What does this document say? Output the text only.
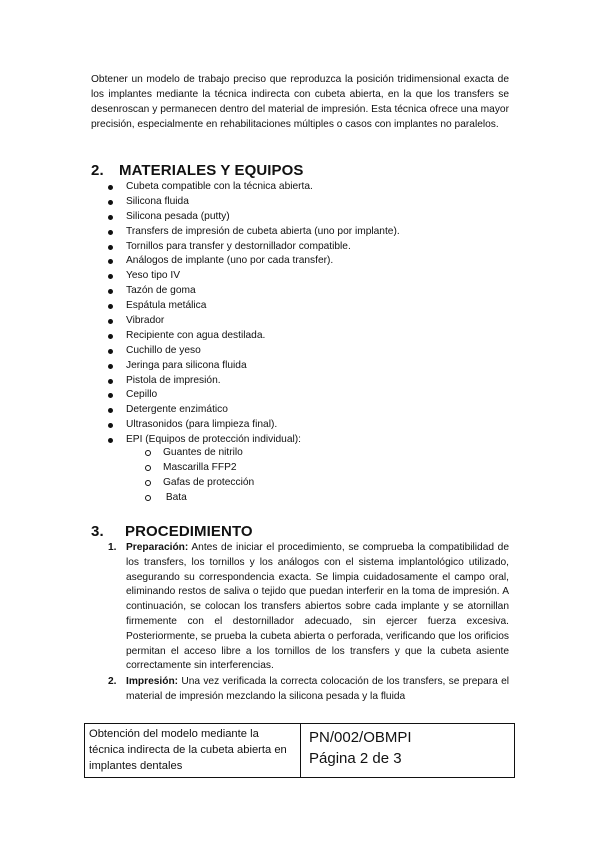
Obtener un modelo de trabajo preciso que reproduzca la posición tridimensional exacta de los implantes mediante la técnica indirecta con cubeta abierta, en la que los transfers se desenroscan y permanecen dentro del material de impresión. Esta técnica ofrece una mayor precisión, especialmente en rehabilitaciones múltiples o casos con implantes no paralelos.

2. MATERIALES Y EQUIPOS
Cubeta compatible con la técnica abierta.
Silicona fluida
Silicona pesada (putty)
Transfers de impresión de cubeta abierta (uno por implante).
Tornillos para transfer y destornillador compatible.
Análogos de implante (uno por cada transfer).
Yeso tipo IV
Tazón de goma
Espátula metálica
Vibrador
Recipiente con agua destilada.
Cuchillo de yeso
Jeringa para silicona fluida
Pistola de impresión.
Cepillo
Detergente enzimático
Ultrasonidos (para limpieza final).
EPI (Equipos de protección individual):
Guantes de nitrilo
Mascarilla FFP2
Gafas de protección
Bata
3. PROCEDIMIENTO
1. Preparación: Antes de iniciar el procedimiento, se comprueba la compatibilidad de los transfers, los tornillos y los análogos con el sistema implantológico utilizado, asegurando su correspondencia exacta. Se limpia cuidadosamente el campo oral, eliminando restos de saliva o tejido que puedan interferir en la toma de impresión. A continuación, se colocan los transfers abiertos sobre cada implante y se atornillan firmemente con el destornillador adecuado, sin ejercer fuerza excesiva. Posteriormente, se prueba la cubeta abierta o perforada, verificando que los orificios permitan el acceso libre a los tornillos de los transfers y que la cubeta asiente correctamente sin interferencias.
2. Impresión: Una vez verificada la correcta colocación de los transfers, se prepara el material de impresión mezclando la silicona pesada y la fluida
Obtención del modelo mediante la técnica indirecta de la cubeta abierta en implantes dentales
PN/002/OBMPI
Página 2 de 3
